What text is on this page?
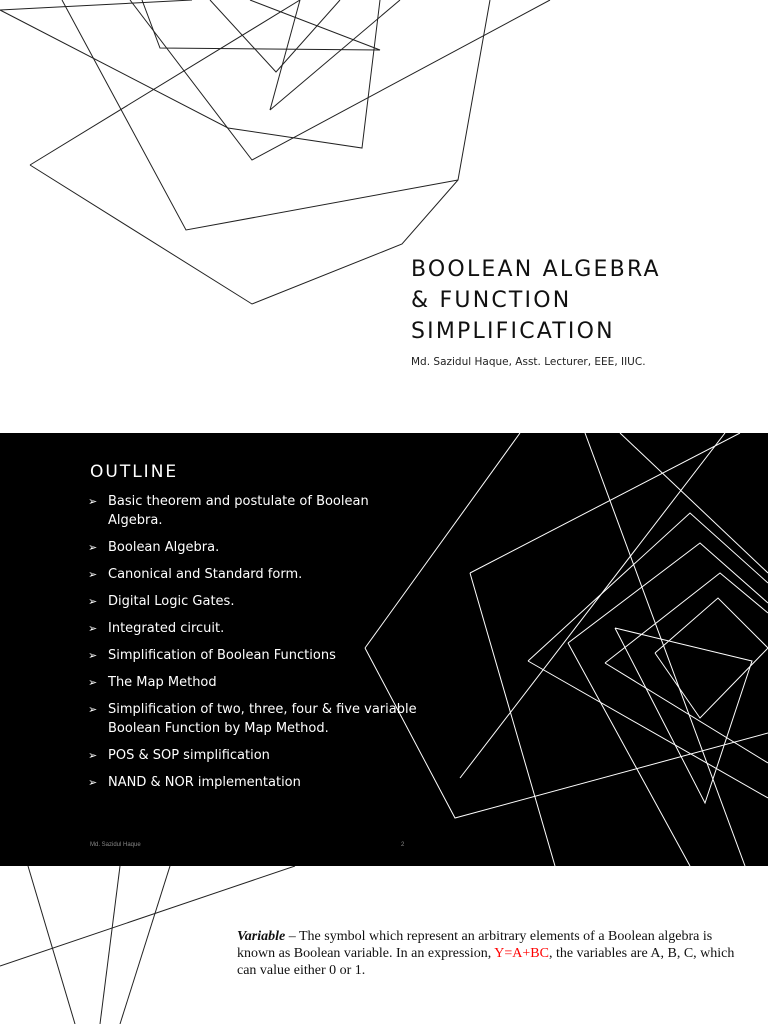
BOOLEAN ALGEBRA
& FUNCTION
SIMPLIFICATION
Md. Sazidul Haque, Asst. Lecturer, EEE, IIUC.
OUTLINE
➢ Basic theorem and postulate of Boolean Algebra.
➢ Boolean Algebra.
➢ Canonical and Standard form.
➢ Digital Logic Gates.
➢ Integrated circuit.
➢ Simplification of Boolean Functions
➢ The Map Method
➢ Simplification of two, three, four & five variable Boolean Function by Map Method.
➢ POS & SOP simplification
➢ NAND & NOR implementation
Md. Sazidul Haque	2

Variable – The symbol which represent an arbitrary elements of a Boolean algebra is known as Boolean variable. In an expression, Y=A+BC, the variables are A, B, C, which can value either 0 or 1.
